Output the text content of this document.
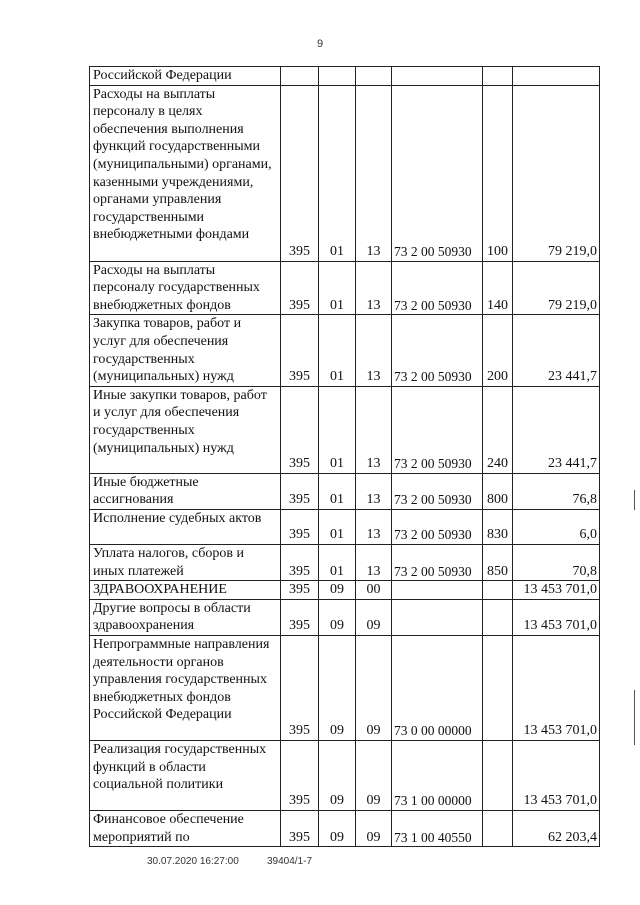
9
Российской Федерации						

Расходы на выплаты персоналу в целях обеспечения выполнения функций государственными (муниципальными) органами, казенными учреждениями, органами управления государственными внебюджетными фондами	395	01	13	73 2 00 50930	100	79 219,0

Расходы на выплаты персоналу государственных внебюджетных фондов	395	01	13	73 2 00 50930	140	79 219,0

Закупка товаров, работ и услуг для обеспечения государственных (муниципальных) нужд	395	01	13	73 2 00 50930	200	23 441,7

Иные закупки товаров, работ и услуг для обеспечения государственных (муниципальных) нужд	395	01	13	73 2 00 50930	240	23 441,7

Иные бюджетные ассигнования	395	01	13	73 2 00 50930	800	76,8

Исполнение судебных актов	395	01	13	73 2 00 50930	830	6,0

Уплата налогов, сборов и иных платежей	395	01	13	73 2 00 50930	850	70,8

ЗДРАВООХРАНЕНИЕ	395	09	00			13 453 701,0

Другие вопросы в области здравоохранения	395	09	09			13 453 701,0

Непрограммные направления деятельности органов управления государственных внебюджетных фондов Российской Федерации	395	09	09	73 0 00 00000		13 453 701,0

Реализация государственных функций в области социальной политики	395	09	09	73 1 00 00000		13 453 701,0

Финансовое обеспечение мероприятий по	395	09	09	73 1 00 40550		62 203,4
30.07.2020 16:27:00	39404/1-7
